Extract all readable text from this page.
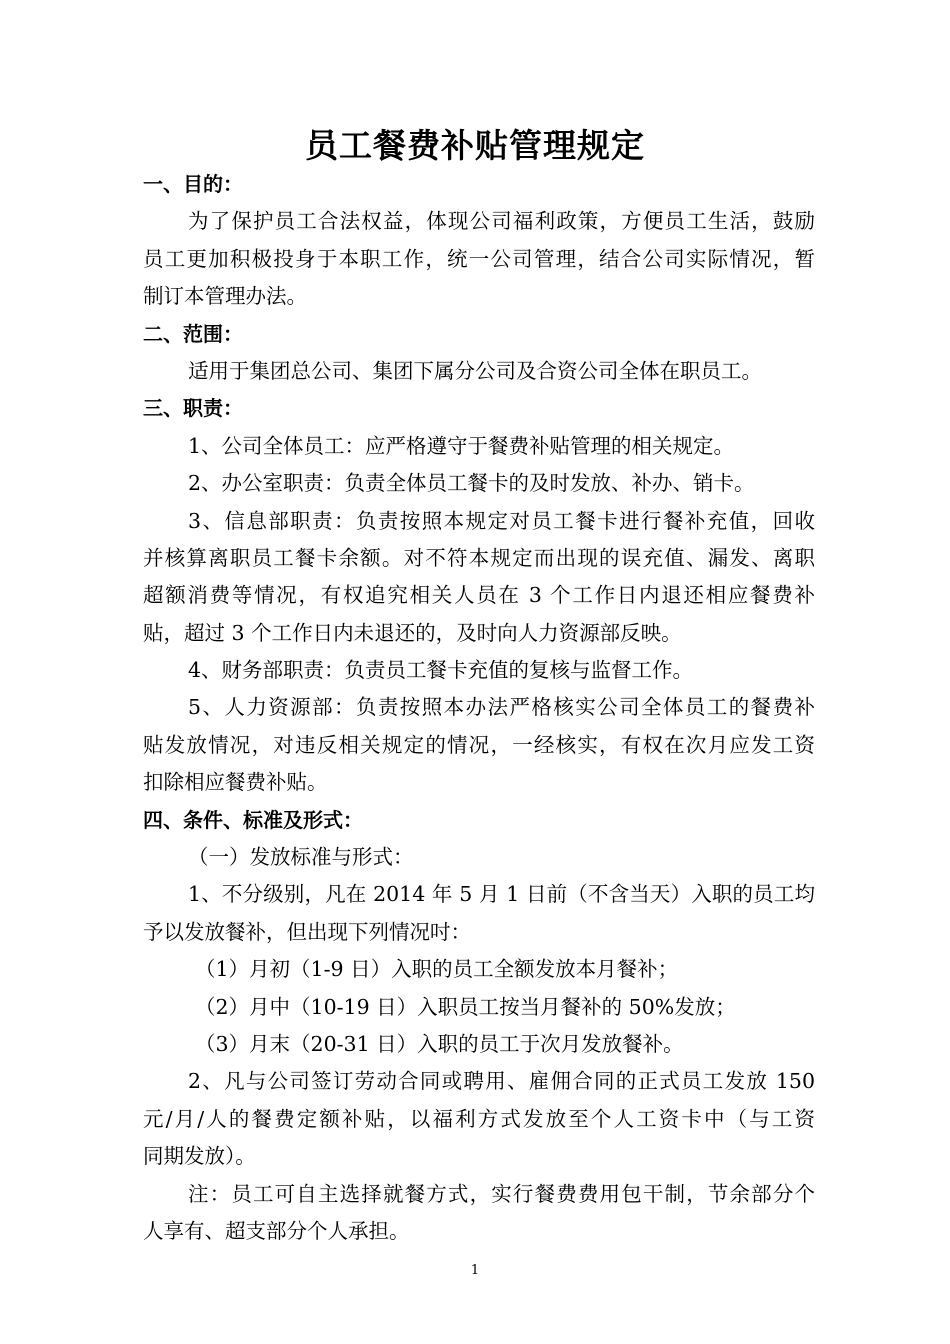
员工餐费补贴管理规定
一、目的：
为了保护员工合法权益，体现公司福利政策，方便员工生活，鼓励
员工更加积极投身于本职工作，统一公司管理，结合公司实际情况，暂
制订本管理办法。
二、范围：
适用于集团总公司、集团下属分公司及合资公司全体在职员工。
三、职责：
1、公司全体员工：应严格遵守于餐费补贴管理的相关规定。
2、办公室职责：负责全体员工餐卡的及时发放、补办、销卡。
3、信息部职责：负责按照本规定对员工餐卡进行餐补充值，回收
并核算离职员工餐卡余额。对不符本规定而出现的误充值、漏发、离职
超额消费等情况，有权追究相关人员在 3 个工作日内退还相应餐费补
贴，超过 3 个工作日内未退还的，及时向人力资源部反映。
4、财务部职责：负责员工餐卡充值的复核与监督工作。
5、人力资源部：负责按照本办法严格核实公司全体员工的餐费补
贴发放情况，对违反相关规定的情况，一经核实，有权在次月应发工资
扣除相应餐费补贴。
四、条件、标准及形式：
（一）发放标准与形式：
1、不分级别，凡在 2014 年 5 月 1 日前（不含当天）入职的员工均
予以发放餐补，但出现下列情况吋：
（1）月初（1-9 日）入职的员工全额发放本月餐补；
（2）月中（10-19 日）入职员工按当月餐补的 50%发放；
（3）月末（20-31 日）入职的员工于次月发放餐补。
2、凡与公司签订劳动合同或聘用、雇佣合同的正式员工发放 150
元/月/人的餐费定额补贴，以福利方式发放至个人工资卡中（与工资
同期发放）。
注：员工可自主选择就餐方式，实行餐费费用包干制，节余部分个
人享有、超支部分个人承担。
1
